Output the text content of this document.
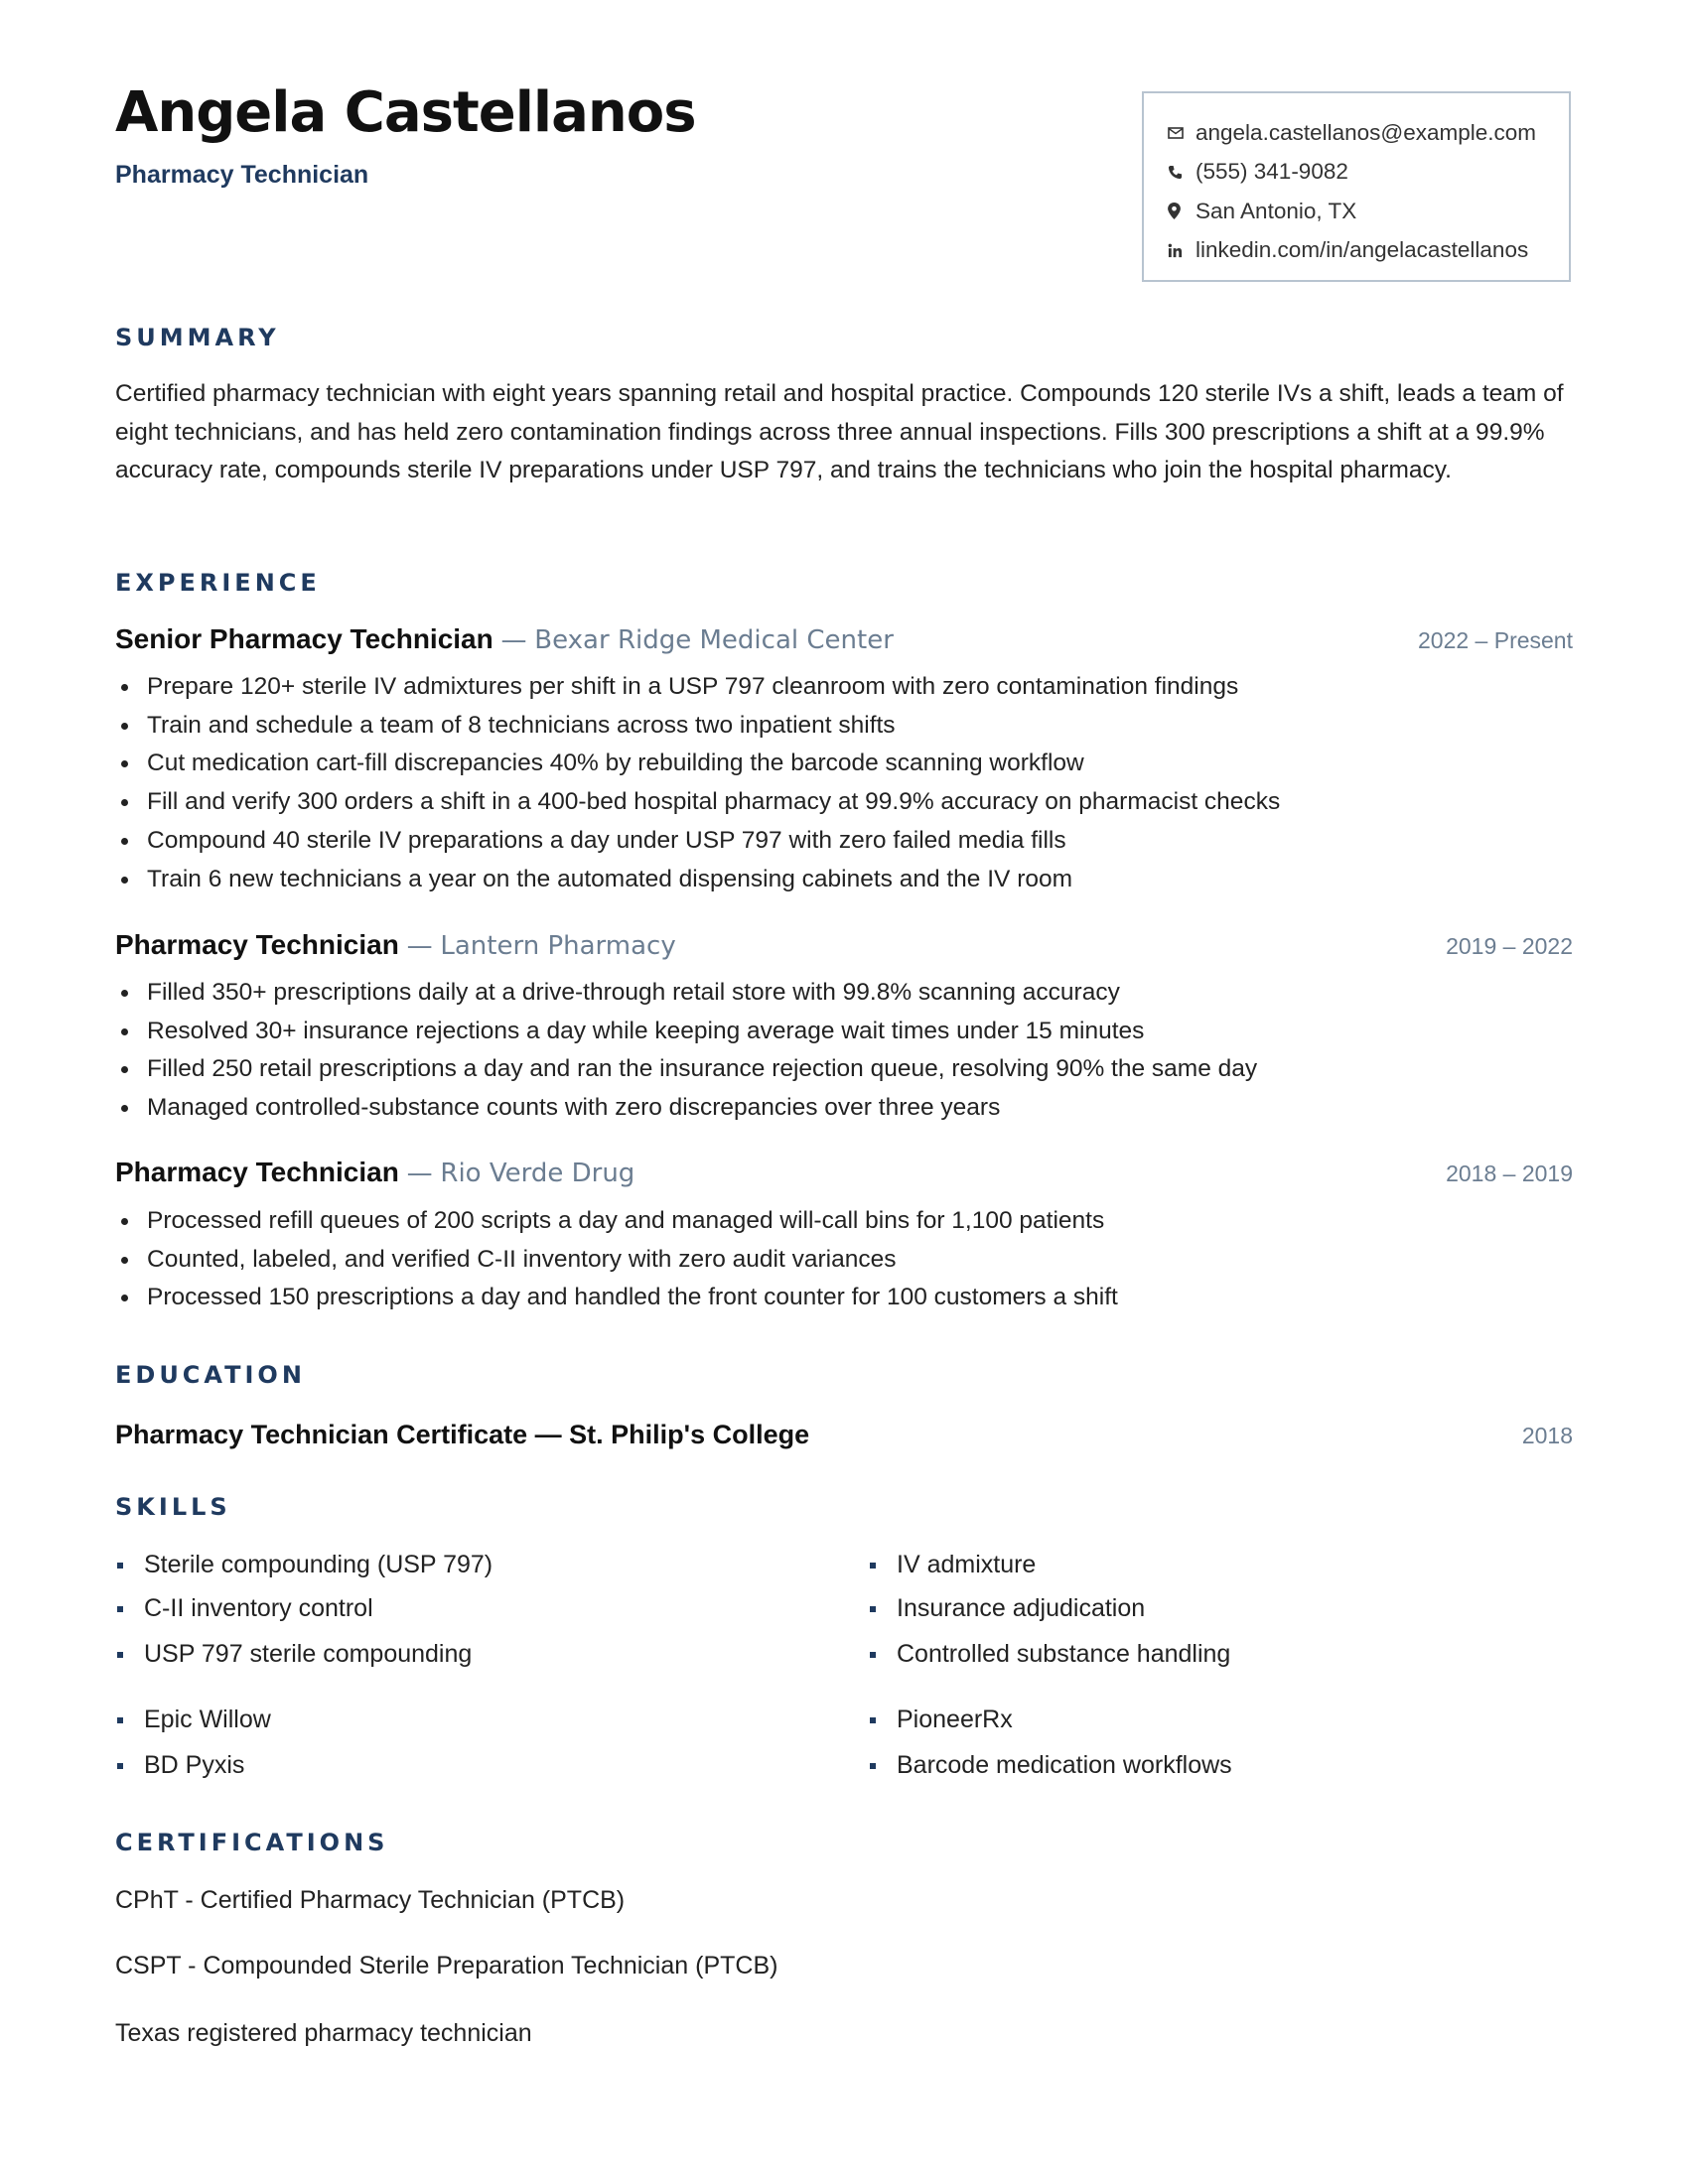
Angela Castellanos
Pharmacy Technician
angela.castellanos@example.com
(555) 341-9082
San Antonio, TX
linkedin.com/in/angelacastellanos
SUMMARY

Certified pharmacy technician with eight years spanning retail and hospital practice. Compounds 120 sterile IVs a shift, leads a team of eight technicians, and has held zero contamination findings across three annual inspections. Fills 300 prescriptions a shift at a 99.9% accuracy rate, compounds sterile IV preparations under USP 797, and trains the technicians who join the hospital pharmacy.

EXPERIENCE
Senior Pharmacy Technician — Bexar Ridge Medical Center	2022 – Present
Prepare 120+ sterile IV admixtures per shift in a USP 797 cleanroom with zero contamination findings
Train and schedule a team of 8 technicians across two inpatient shifts
Cut medication cart-fill discrepancies 40% by rebuilding the barcode scanning workflow
Fill and verify 300 orders a shift in a 400-bed hospital pharmacy at 99.9% accuracy on pharmacist checks
Compound 40 sterile IV preparations a day under USP 797 with zero failed media fills
Train 6 new technicians a year on the automated dispensing cabinets and the IV room
Pharmacy Technician — Lantern Pharmacy	2019 – 2022
Filled 350+ prescriptions daily at a drive-through retail store with 99.8% scanning accuracy
Resolved 30+ insurance rejections a day while keeping average wait times under 15 minutes
Filled 250 retail prescriptions a day and ran the insurance rejection queue, resolving 90% the same day
Managed controlled-substance counts with zero discrepancies over three years
Pharmacy Technician — Rio Verde Drug	2018 – 2019
Processed refill queues of 200 scripts a day and managed will-call bins for 1,100 patients
Counted, labeled, and verified C-II inventory with zero audit variances
Processed 150 prescriptions a day and handled the front counter for 100 customers a shift
EDUCATION
Pharmacy Technician Certificate — St. Philip's College	2018
SKILLS
Sterile compounding (USP 797)	IV admixture
C-II inventory control	Insurance adjudication
USP 797 sterile compounding	Controlled substance handling
Epic Willow	PioneerRx
BD Pyxis	Barcode medication workflows
CERTIFICATIONS
CPhT - Certified Pharmacy Technician (PTCB)
CSPT - Compounded Sterile Preparation Technician (PTCB)
Texas registered pharmacy technician
